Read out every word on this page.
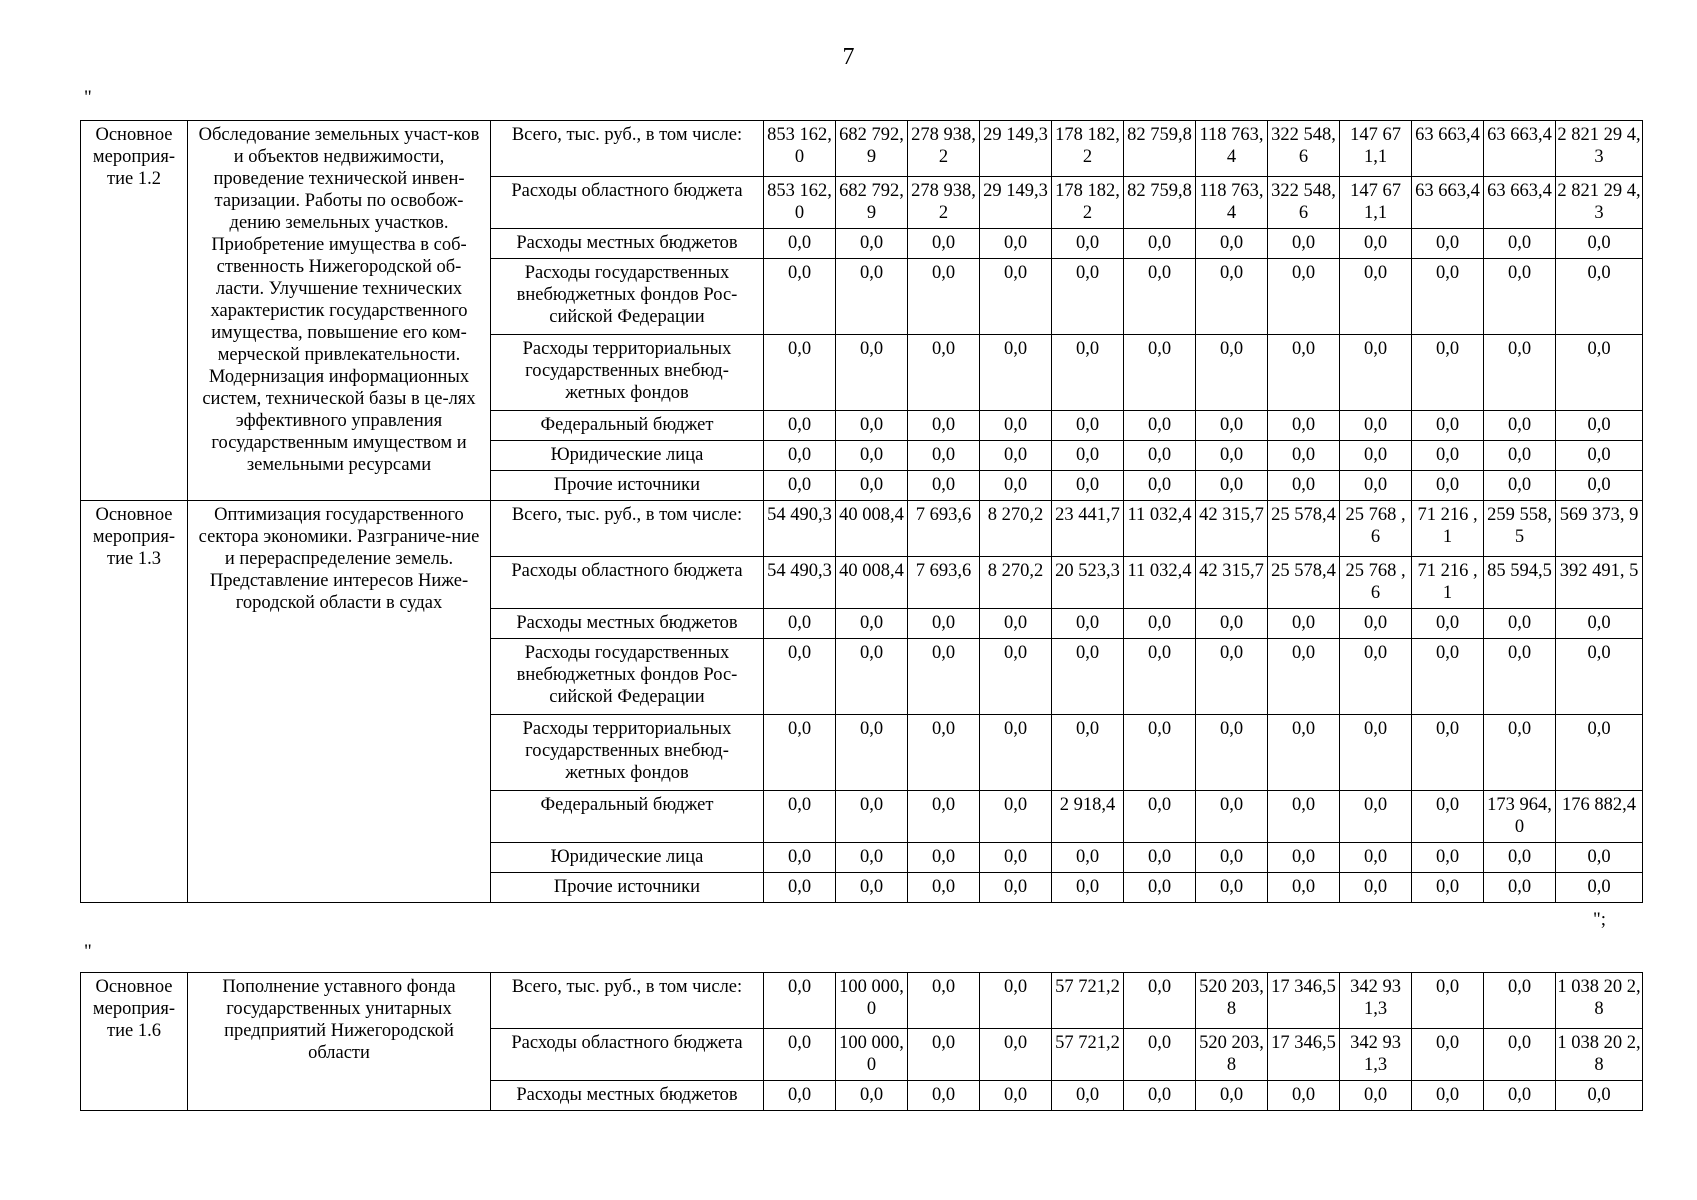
7
"
Основное мероприя-тие 1.2	Обследование земельных участ-ков и объектов недвижимости, проведение технической инвен-таризации. Работы по освобож-дению земельных участков. Приобретение имущества в соб-ственность Нижегородской об-ласти. Улучшение технических характеристик государственного имущества, повышение его ком-мерческой привлекательности. Модернизация информационных систем, технической базы в це-лях эффективного управления государственным имуществом и земельными ресурсами	Всего, тыс. руб., в том числе:	853 162,0	682 792,9	278 938,2	29 149,3	178 182,2	82 759,8	118 763,4	322 548,6	147 67 1,1	63 663,4	63 663,4	2 821 29 4,3
		Расходы областного бюджета	853 162,0	682 792,9	278 938,2	29 149,3	178 182,2	82 759,8	118 763,4	322 548,6	147 67 1,1	63 663,4	63 663,4	2 821 29 4,3
		Расходы местных бюджетов	0,0	0,0	0,0	0,0	0,0	0,0	0,0	0,0	0,0	0,0	0,0	0,0
		Расходы государственных внебюджетных фондов Рос-сийской Федерации	0,0	0,0	0,0	0,0	0,0	0,0	0,0	0,0	0,0	0,0	0,0	0,0
		Расходы территориальных государственных внебюд-жетных фондов	0,0	0,0	0,0	0,0	0,0	0,0	0,0	0,0	0,0	0,0	0,0	0,0
		Федеральный бюджет	0,0	0,0	0,0	0,0	0,0	0,0	0,0	0,0	0,0	0,0	0,0	0,0
		Юридические лица	0,0	0,0	0,0	0,0	0,0	0,0	0,0	0,0	0,0	0,0	0,0	0,0
		Прочие источники	0,0	0,0	0,0	0,0	0,0	0,0	0,0	0,0	0,0	0,0	0,0	0,0
Основное мероприя-тие 1.3	Оптимизация государственного сектора экономики. Разграниче-ние и перераспределение земель. Представление интересов Ниже-городской области в судах	Всего, тыс. руб., в том числе:	54 490,3	40 008,4	7 693,6	8 270,2	23 441,7	11 032,4	42 315,7	25 578,4	25 768 ,6	71 216 ,1	259 558,5	569 373, 9
		Расходы областного бюджета	54 490,3	40 008,4	7 693,6	8 270,2	20 523,3	11 032,4	42 315,7	25 578,4	25 768 ,6	71 216 ,1	85 594,5	392 491, 5
		Расходы местных бюджетов	0,0	0,0	0,0	0,0	0,0	0,0	0,0	0,0	0,0	0,0	0,0	0,0
		Расходы государственных внебюджетных фондов Рос-сийской Федерации	0,0	0,0	0,0	0,0	0,0	0,0	0,0	0,0	0,0	0,0	0,0	0,0
		Расходы территориальных государственных внебюд-жетных фондов	0,0	0,0	0,0	0,0	0,0	0,0	0,0	0,0	0,0	0,0	0,0	0,0
		Федеральный бюджет	0,0	0,0	0,0	0,0	2 918,4	0,0	0,0	0,0	0,0	0,0	173 964,0	176 882,4
		Юридические лица	0,0	0,0	0,0	0,0	0,0	0,0	0,0	0,0	0,0	0,0	0,0	0,0
		Прочие источники	0,0	0,0	0,0	0,0	0,0	0,0	0,0	0,0	0,0	0,0	0,0	0,0
";
"
Основное мероприя-тие 1.6	Пополнение уставного фонда государственных унитарных предприятий Нижегородской области	Всего, тыс. руб., в том числе:	0,0	100 000,0	0,0	0,0	57 721,2	0,0	520 203,8	17 346,5	342 93 1,3	0,0	0,0	1 038 20 2,8
		Расходы областного бюджета	0,0	100 000,0	0,0	0,0	57 721,2	0,0	520 203,8	17 346,5	342 93 1,3	0,0	0,0	1 038 20 2,8
		Расходы местных бюджетов	0,0	0,0	0,0	0,0	0,0	0,0	0,0	0,0	0,0	0,0	0,0	0,0
